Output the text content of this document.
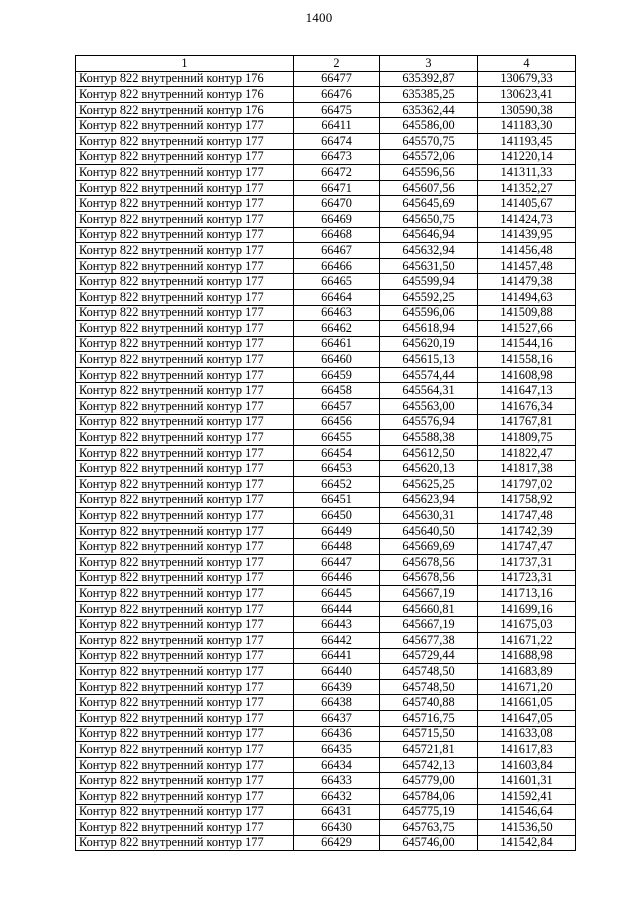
1400
1	2	3	4
Контур 822 внутренний контур 176	66477	635392,87	130679,33
Контур 822 внутренний контур 176	66476	635385,25	130623,41
Контур 822 внутренний контур 176	66475	635362,44	130590,38
Контур 822 внутренний контур 177	66411	645586,00	141183,30
Контур 822 внутренний контур 177	66474	645570,75	141193,45
Контур 822 внутренний контур 177	66473	645572,06	141220,14
Контур 822 внутренний контур 177	66472	645596,56	141311,33
Контур 822 внутренний контур 177	66471	645607,56	141352,27
Контур 822 внутренний контур 177	66470	645645,69	141405,67
Контур 822 внутренний контур 177	66469	645650,75	141424,73
Контур 822 внутренний контур 177	66468	645646,94	141439,95
Контур 822 внутренний контур 177	66467	645632,94	141456,48
Контур 822 внутренний контур 177	66466	645631,50	141457,48
Контур 822 внутренний контур 177	66465	645599,94	141479,38
Контур 822 внутренний контур 177	66464	645592,25	141494,63
Контур 822 внутренний контур 177	66463	645596,06	141509,88
Контур 822 внутренний контур 177	66462	645618,94	141527,66
Контур 822 внутренний контур 177	66461	645620,19	141544,16
Контур 822 внутренний контур 177	66460	645615,13	141558,16
Контур 822 внутренний контур 177	66459	645574,44	141608,98
Контур 822 внутренний контур 177	66458	645564,31	141647,13
Контур 822 внутренний контур 177	66457	645563,00	141676,34
Контур 822 внутренний контур 177	66456	645576,94	141767,81
Контур 822 внутренний контур 177	66455	645588,38	141809,75
Контур 822 внутренний контур 177	66454	645612,50	141822,47
Контур 822 внутренний контур 177	66453	645620,13	141817,38
Контур 822 внутренний контур 177	66452	645625,25	141797,02
Контур 822 внутренний контур 177	66451	645623,94	141758,92
Контур 822 внутренний контур 177	66450	645630,31	141747,48
Контур 822 внутренний контур 177	66449	645640,50	141742,39
Контур 822 внутренний контур 177	66448	645669,69	141747,47
Контур 822 внутренний контур 177	66447	645678,56	141737,31
Контур 822 внутренний контур 177	66446	645678,56	141723,31
Контур 822 внутренний контур 177	66445	645667,19	141713,16
Контур 822 внутренний контур 177	66444	645660,81	141699,16
Контур 822 внутренний контур 177	66443	645667,19	141675,03
Контур 822 внутренний контур 177	66442	645677,38	141671,22
Контур 822 внутренний контур 177	66441	645729,44	141688,98
Контур 822 внутренний контур 177	66440	645748,50	141683,89
Контур 822 внутренний контур 177	66439	645748,50	141671,20
Контур 822 внутренний контур 177	66438	645740,88	141661,05
Контур 822 внутренний контур 177	66437	645716,75	141647,05
Контур 822 внутренний контур 177	66436	645715,50	141633,08
Контур 822 внутренний контур 177	66435	645721,81	141617,83
Контур 822 внутренний контур 177	66434	645742,13	141603,84
Контур 822 внутренний контур 177	66433	645779,00	141601,31
Контур 822 внутренний контур 177	66432	645784,06	141592,41
Контур 822 внутренний контур 177	66431	645775,19	141546,64
Контур 822 внутренний контур 177	66430	645763,75	141536,50
Контур 822 внутренний контур 177	66429	645746,00	141542,84
